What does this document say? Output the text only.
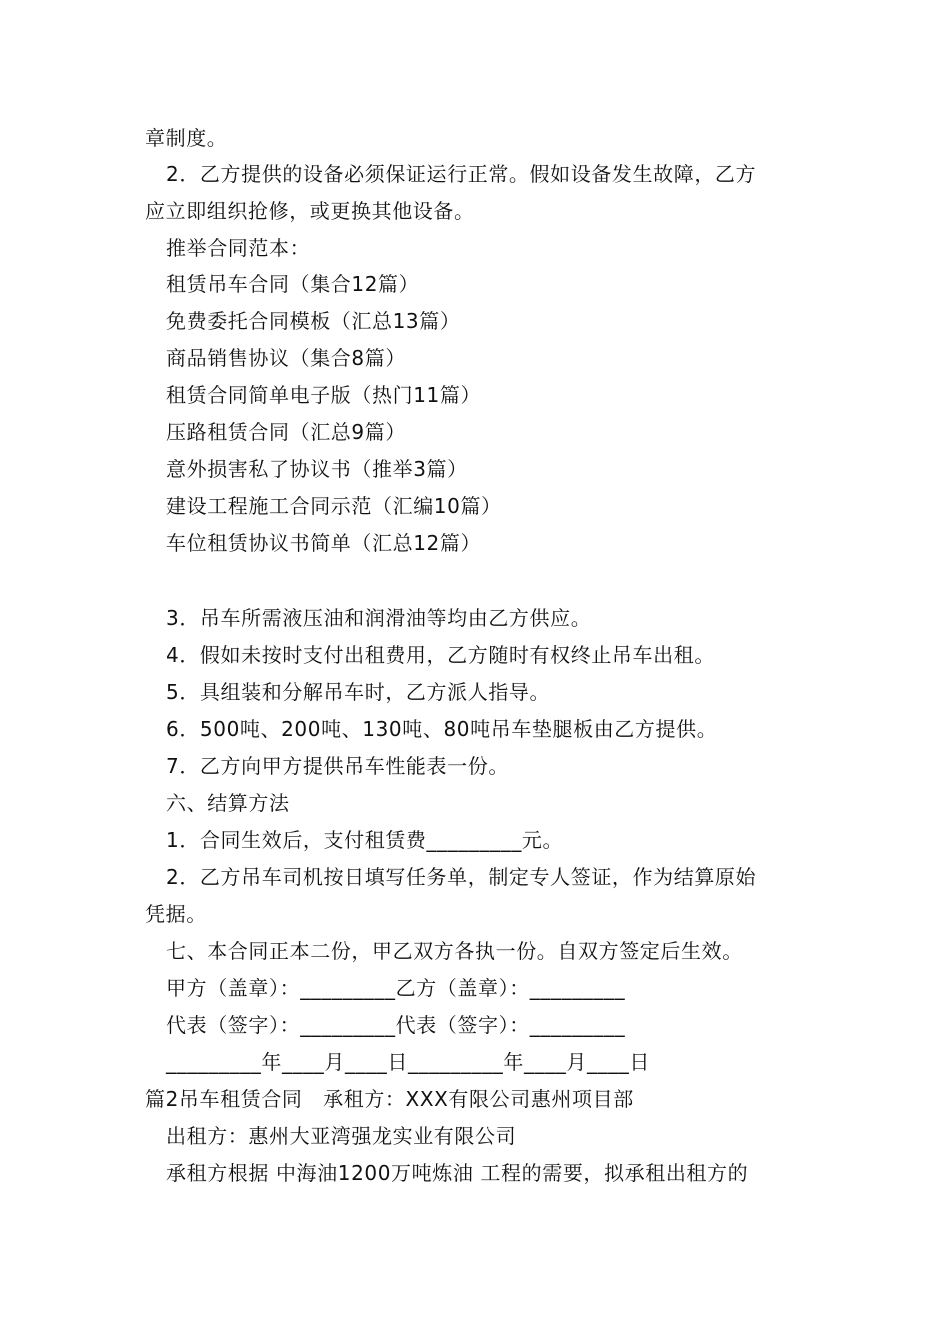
章制度。
2．乙方提供的设备必须保证运行正常。假如设备发生故障，乙方
应立即组织抢修，或更换其他设备。
推举合同范本：
租赁吊车合同（集合12篇）
免费委托合同模板（汇总13篇）
商品销售协议（集合8篇）
租赁合同简单电子版（热门11篇）
压路租赁合同（汇总9篇）
意外损害私了协议书（推举3篇）
建设工程施工合同示范（汇编10篇）
车位租赁协议书简单（汇总12篇）
3．吊车所需液压油和润滑油等均由乙方供应。
4．假如未按时支付出租费用，乙方随时有权终止吊车出租。
5．具组装和分解吊车时，乙方派人指导。
6．500吨、200吨、130吨、80吨吊车垫腿板由乙方提供。
7．乙方向甲方提供吊车性能表一份。
六、结算方法
1．合同生效后，支付租赁费_________元。
2．乙方吊车司机按日填写任务单，制定专人签证，作为结算原始
凭据。
七、本合同正本二份，甲乙双方各执一份。自双方签定后生效。
甲方（盖章）：_________乙方（盖章）：_________
代表（签字）：_________代表（签字）：_________
_________年____月____日_________年____月____日
篇2吊车租赁合同　承租方：XXX有限公司惠州项目部
出租方：惠州大亚湾强龙实业有限公司
承租方根据 中海油1200万吨炼油 工程的需要，拟承租出租方的
